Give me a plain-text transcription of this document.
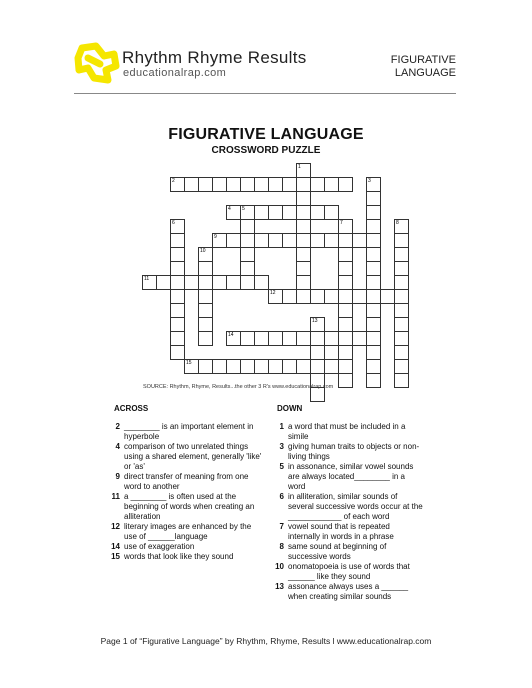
Rhythm Rhyme Results
educationalrap.com
FIGURATIVE
LANGUAGE
FIGURATIVE LANGUAGE
CROSSWORD PUZZLE
2
4 5
9
11
12
14
15
1
3
6	7	8
10
13
SOURCE: Rhythm, Rhyme, Results...the other 3 R's www.educationalrap.com
ACROSS	DOWN
2 ________ is an important element in hyperbole
4 comparison of two unrelated things using a shared element, generally 'like' or 'as'
9 direct transfer of meaning from one word to another
11 a ________ is often used at the beginning of words when creating an alliteration
12 literary images are enhanced by the use of ______language
14 use of exaggeration
15 words that look like they sound
1 a word that must be included in a simile
3 giving human traits to objects or non-living things
5 in assonance, similar vowel sounds are always located________ in a word
6 in alliteration, similar sounds of several successive words occur at the ____________ of each word
7 vowel sound that is repeated internally in words in a phrase
8 same sound at beginning of successive words
10 onomatopoeia is use of words that ______ like they sound
13 assonance always uses a ______ when creating similar sounds
Page 1 of “Figurative Language” by Rhythm, Rhyme, Results l www.educationalrap.com
